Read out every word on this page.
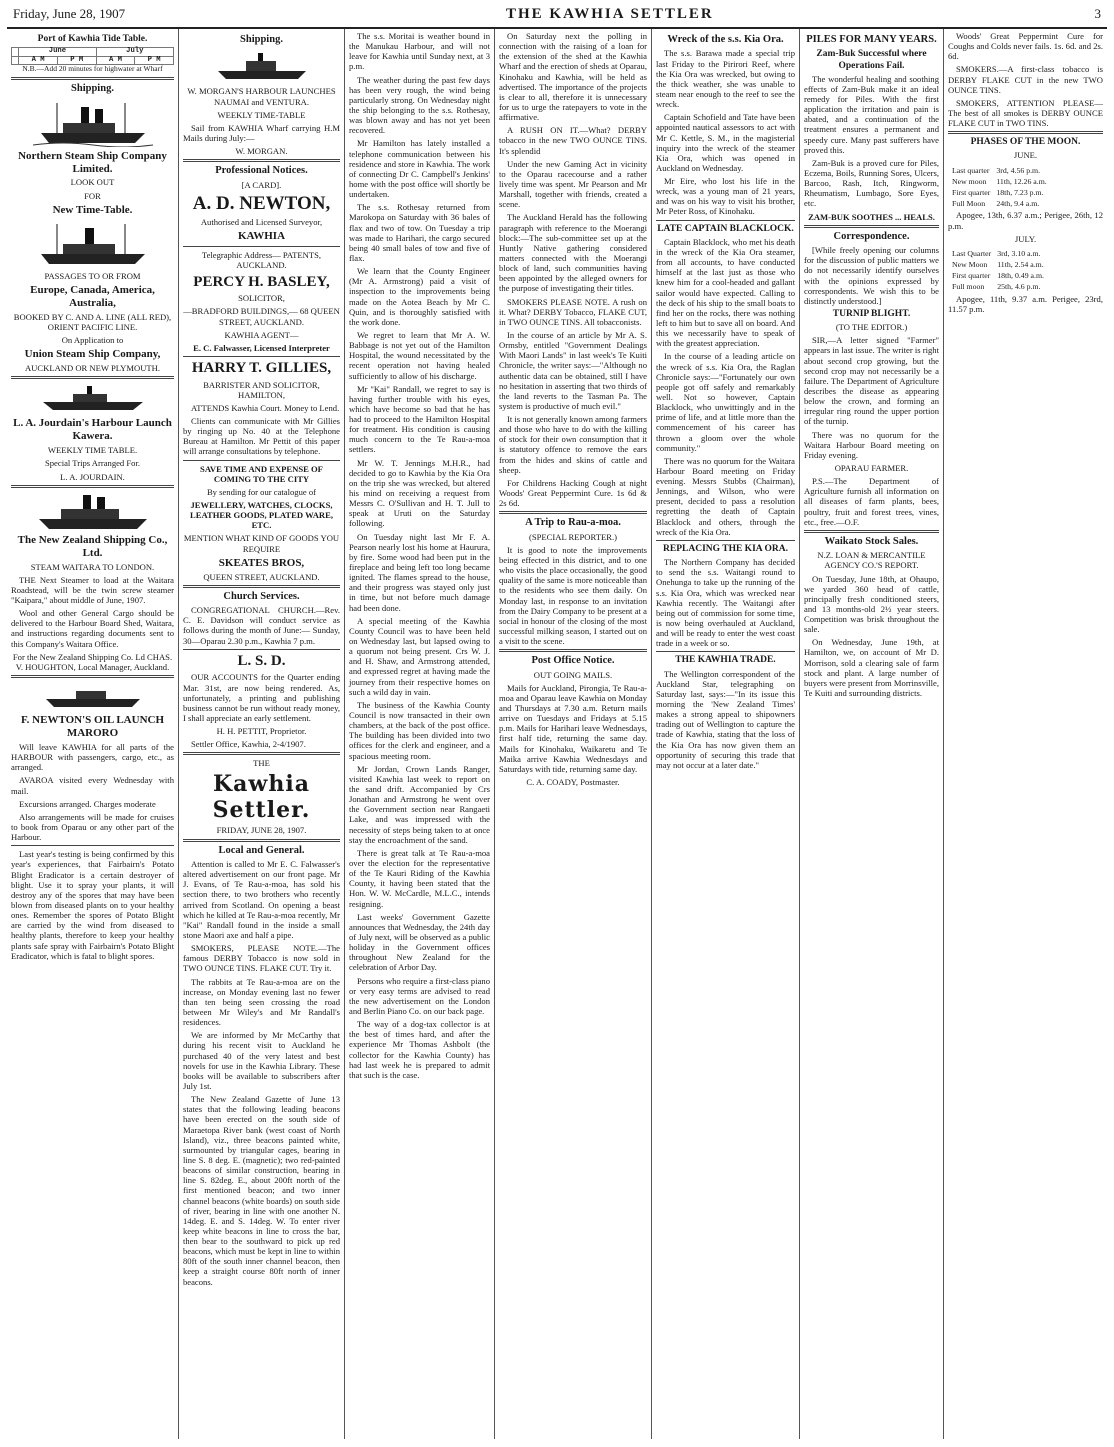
Friday, June 28, 1907	THE KAWHIA SETTLER	3
Port of Kawhia Tide Table.
	June		July	
	A M	P M	A M	P M

N.B.—Add 20 minutes for highwater at Wharf

Shipping.
Northern Steam Ship Company Limited.

LOOK OUT

FOR

New Time-Table.

PASSAGES TO OR FROM

Europe, Canada, America, Australia,

BOOKED BY C. AND A. LINE (ALL RED), ORIENT PACIFIC LINE.

On Application to

Union Steam Ship Company,

AUCKLAND OR NEW PLYMOUTH.

L. A. Jourdain's Harbour Launch Kawera.

WEEKLY TIME TABLE.

Special Trips Arranged For.

L. A. JOURDAIN.

The New Zealand Shipping Co., Ltd.

STEAM WAITARA TO LONDON.

THE Next Steamer to load at the Waitara Roadstead, will be the twin screw steamer "Kaipara," about middle of June, 1907.

Wool and other General Cargo should be delivered to the Harbour Board Shed, Waitara, and instructions regarding documents sent to this Company's Waitara Office.

For the New Zealand Shipping Co. Ld CHAS. V. HOUGHTON, Local Manager, Auckland.

F. NEWTON'S OIL LAUNCH MARORO

Will leave KAWHIA for all parts of the HARBOUR with passengers, cargo, etc., as arranged.

AVAROA visited every Wednesday with mail.

Excursions arranged. Charges moderate

Also arrangements will be made for cruises to book from Oparau or any other part of the Harbour.

Last year's testing is being confirmed by this year's experiences, that Fairbairn's Potato Blight Eradicator is a certain destroyer of blight. Use it to spray your plants, it will destroy any of the spores that may have been blown from diseased plants on to your healthy ones. Remember the spores of Potato Blight are carried by the wind from diseased to healthy plants, therefore to keep your healthy plants safe spray with Fairbairn's Potato Blight Eradicator, which is fatal to blight spores.

Shipping.

W. MORGAN'S HARBOUR LAUNCHES NAUMAI and VENTURA.

WEEKLY TIME-TABLE

Sail from KAWHIA Wharf carrying H.M Mails during July:—

W. MORGAN.

Professional Notices.

[A CARD].

A. D. NEWTON,

Authorised and Licensed Surveyor,

KAWHIA

Telegraphic Address— PATENTS, AUCKLAND.

PERCY H. BASLEY,

SOLICITOR,

—BRADFORD BUILDINGS,— 68 QUEEN STREET, AUCKLAND.

KAWHIA AGENT—

E. C. Falwasser, Licensed Interpreter

HARRY T. GILLIES,

BARRISTER AND SOLICITOR, HAMILTON,

ATTENDS Kawhia Court. Money to Lend.

Clients can communicate with Mr Gillies by ringing up No. 40 at the Telephone Bureau at Hamilton. Mr Pettit of this paper will arrange consultations by telephone.

SAVE TIME AND EXPENSE OF COMING TO THE CITY

By sending for our catalogue of

JEWELLERY, WATCHES, CLOCKS, LEATHER GOODS, PLATED WARE, ETC.

MENTION WHAT KIND OF GOODS YOU REQUIRE

SKEATES BROS,

QUEEN STREET, AUCKLAND.

Church Services.

CONGREGATIONAL CHURCH.—Rev. C. E. Davidson will conduct service as follows during the month of June:— Sunday, 30—Oparau 2.30 p.m., Kawhia 7 p.m.

L. S. D.

OUR ACCOUNTS for the Quarter ending Mar. 31st, are now being rendered. As, unfortunately, a printing and publishing business cannot be run without ready money, I shall appreciate an early settlement.

H. H. PETTIT, Proprietor.

Settler Office, Kawhia, 2-4/1907.

THE

Kawhia Settler.

FRIDAY, JUNE 28, 1907.

Local and General.

Attention is called to Mr E. C. Falwasser's altered advertisement on our front page. Mr J. Evans, of Te Rau-a-moa, has sold his section there, to two brothers who recently arrived from Scotland. On opening a beast which he killed at Te Rau-a-moa recently, Mr "Kai" Randall found in the inside a small stone Maori axe and half a pipe.

SMOKERS, PLEASE NOTE.—The famous DERBY Tobacco is now sold in TWO OUNCE TINS. FLAKE CUT. Try it.

The rabbits at Te Rau-a-moa are on the increase, on Monday evening last no fewer than ten being seen crossing the road between Mr Wiley's and Mr Randall's residences.

We are informed by Mr McCarthy that during his recent visit to Auckland he purchased 40 of the very latest and best novels for use in the Kawhia Library. These books will be available to subscribers after July 1st.

The New Zealand Gazette of June 13 states that the following leading beacons have been erected on the south side of Maraetopa River bank (west coast of North Island), viz., three beacons painted white, surmounted by triangular cages, bearing in line S. 8 deg. E. (magnetic); two red-painted beacons of similar construction, bearing in line S. 82deg. E., about 200ft north of the first mentioned beacon; and two inner channel beacons (white boards) on south side of river, bearing in line with one another N. 14deg. E. and S. 14deg. W. To enter river keep white beacons in line to cross the bar, then bear to the southward to pick up red beacons, which must be kept in line to within 80ft of the south inner channel beacon, then keep a straight course 80ft north of inner beacons.

The s.s. Moritai is weather bound in the Manukau Harbour, and will not leave for Kawhia until Sunday next, at 3 p.m.

The weather during the past few days has been very rough, the wind being particularly strong. On Wednesday night the ship belonging to the s.s. Rothesay, was blown away and has not yet been recovered.

Mr Hamilton has lately installed a telephone communication between his residence and store in Kawhia. The work of connecting Dr C. Campbell's Jenkins' home with the post office will shortly be undertaken.

The s.s. Rothesay returned from Marokopa on Saturday with 36 bales of flax and two of tow. On Tuesday a trip was made to Harihari, the cargo secured being 40 small bales of tow and five of flax.

We learn that the County Engineer (Mr A. Armstrong) paid a visit of inspection to the improvements being made on the Aotea Beach by Mr C. Quin, and is thoroughly satisfied with the work done.

We regret to learn that Mr A. W. Babbage is not yet out of the Hamilton Hospital, the wound necessitated by the recent operation not having healed sufficiently to allow of his discharge.

Mr "Kai" Randall, we regret to say is having further trouble with his eyes, which have become so bad that he has had to proceed to the Hamilton Hospital for treatment. His condition is causing much concern to the Te Rau-a-moa settlers.

Mr W. T. Jennings M.H.R., had decided to go to Kawhia by the Kia Ora on the trip she was wrecked, but altered his mind on receiving a request from Messrs C. O'Sullivan and H. T. Jull to speak at Uruti on the Saturday following.

On Tuesday night last Mr F. A. Pearson nearly lost his home at Haurura, by fire. Some wood had been put in the fireplace and being left too long became ignited. The flames spread to the house, and their progress was stayed only just in time, but not before much damage had been done.

A special meeting of the Kawhia County Council was to have been held on Wednesday last, but lapsed owing to a quorum not being present. Crs W. J. and H. Shaw, and Armstrong attended, and expressed regret at having made the journey from their respective homes on such a wild day in vain.

The business of the Kawhia County Council is now transacted in their own chambers, at the back of the post office. The building has been divided into two offices for the clerk and engineer, and a spacious meeting room.

Mr Jordan, Crown Lands Ranger, visited Kawhia last week to report on the sand drift. Accompanied by Crs Jonathan and Armstrong he went over the Government section near Rangaeti Lake, and was impressed with the necessity of steps being taken to at once stay the encroachment of the sand.

There is great talk at Te Rau-a-moa over the election for the representative of the Te Kauri Riding of the Kawhia County, it having been stated that the Hon. W. W. McCardle, M.L.C., intends resigning.

Last weeks' Government Gazette announces that Wednesday, the 24th day of July next, will be observed as a public holiday in the Government offices throughout New Zealand for the celebration of Arbor Day.

Persons who require a first-class piano or very easy terms are advised to read the new advertisement on the London and Berlin Piano Co. on our back page.

The way of a dog-tax collector is at the best of times hard, and after the experience Mr Thomas Ashbolt (the collector for the Kawhia County) has had last week he is prepared to admit that such is the case.

On Saturday next the polling in connection with the raising of a loan for the extension of the shed at the Kawhia Wharf and the erection of sheds at Oparau, Kinohaku and Kawhia, will be held as advertised. The importance of the projects is clear to all, therefore it is unnecessary for us to urge the ratepayers to vote in the affirmative.

A RUSH ON IT.—What? DERBY tobacco in the new TWO OUNCE TINS. It's splendid

Under the new Gaming Act in vicinity to the Oparau racecourse and a rather lively time was spent. Mr Pearson and Mr Marshall, together with friends, created a scene.

The Auckland Herald has the following paragraph with reference to the Moerangi block:—The sub-committee set up at the Huntly Native gathering considered matters connected with the Moerangi block of land, such communities having been appointed by the alleged owners for the purpose of investigating their titles.

SMOKERS PLEASE NOTE. A rush on it. What? DERBY Tobacco, FLAKE CUT, in TWO OUNCE TINS. All tobacconists.

In the course of an article by Mr A. S. Ormsby, entitled "Government Dealings With Maori Lands" in last week's Te Kuiti Chronicle, the writer says:—"Although no authentic data can be obtained, still I have no hesitation in asserting that two thirds of the land reverts to the Tasman Pa. The system is productive of much evil."

It is not generally known among farmers and those who have to do with the killing of stock for their own consumption that it is statutory offence to remove the ears from the hides and skins of cattle and sheep.

For Childrens Hacking Cough at night Woods' Great Peppermint Cure. 1s 6d & 2s 6d.

A Trip to Rau-a-moa.

(SPECIAL REPORTER.)

It is good to note the improvements being effected in this district, and to one who visits the place occasionally, the good quality of the same is more noticeable than to the residents who see them daily. On Monday last, in response to an invitation from the Dairy Company to be present at a social in honour of the closing of the most successful milking season, I started out on a visit to the scene.

Post Office Notice.

OUT GOING MAILS.

Mails for Auckland, Pirongia, Te Rau-a-moa and Oparau leave Kawhia on Monday and Thursdays at 7.30 a.m. Return mails arrive on Tuesdays and Fridays at 5.15 p.m. Mails for Harihari leave Wednesdays, first half tide, returning the same day. Mails for Kinohaku, Waikaretu and Te Maika arrive Kawhia Wednesdays and Saturdays with tide, returning same day.

C. A. COADY, Postmaster.

Wreck of the s.s. Kia Ora.

The s.s. Barawa made a special trip last Friday to the Pirirori Reef, where the Kia Ora was wrecked, but owing to the thick weather, she was unable to steam near enough to the reef to see the wreck.

Captain Schofield and Tate have been appointed nautical assessors to act with Mr C. Kettle, S. M., in the magisterial inquiry into the wreck of the steamer Kia Ora, which was opened in Auckland on Wednesday.

Mr Eire, who lost his life in the wreck, was a young man of 21 years, and was on his way to visit his brother, Mr Peter Ross, of Kinohaku.

LATE CAPTAIN BLACKLOCK.

Captain Blacklock, who met his death in the wreck of the Kia Ora steamer, from all accounts, to have conducted himself at the last just as those who knew him for a cool-headed and gallant sailor would have expected. Calling to the deck of his ship to the small boats to find her on the rocks, there was nothing left to him but to save all on board. And this we necessarily have to speak of with the greatest appreciation.

In the course of a leading article on the wreck of s.s. Kia Ora, the Raglan Chronicle says:—"Fortunately our own people got off safely and remarkably well. Not so however, Captain Blacklock, who unwittingly and in the prime of life, and at little more than the commencement of his career has thrown a gloom over the whole community."

There was no quorum for the Waitara Harbour Board meeting on Friday evening. Messrs Stubbs (Chairman), Jennings, and Wilson, who were present, decided to pass a resolution regretting the death of Captain Blacklock and others, through the wreck of the Kia Ora.

REPLACING THE KIA ORA.

The Northern Company has decided to send the s.s. Waitangi round to Onehunga to take up the running of the s.s. Kia Ora, which was wrecked near Kawhia recently. The Waitangi after being out of commission for some time, is now being overhauled at Auckland, and will be ready to enter the west coast trade in a week or so.

THE KAWHIA TRADE.

The Wellington correspondent of the Auckland Star, telegraphing on Saturday last, says:—"In its issue this morning the 'New Zealand Times' makes a strong appeal to shipowners trading out of Wellington to capture the trade of Kawhia, stating that the loss of the Kia Ora has now given them an opportunity of securing this trade that may not occur at a later date."

PILES FOR MANY YEARS.
Zam-Buk Successful where Operations Fail.

The wonderful healing and soothing effects of Zam-Buk make it an ideal remedy for Piles. With the first application the irritation and pain is abated, and a continuation of the treatment ensures a permanent and speedy cure. Many past sufferers have proved this.

Zam-Buk is a proved cure for Piles, Eczema, Boils, Running Sores, Ulcers, Barcoo, Rash, Itch, Ringworm, Rheumatism, Lumbago, Sore Eyes, etc.

ZAM-BUK SOOTHES ... HEALS.

Correspondence.

[While freely opening our columns for the discussion of public matters we do not necessarily identify ourselves with the opinions expressed by correspondents. We wish this to be distinctly understood.]

TURNIP BLIGHT.

(TO THE EDITOR.)

SIR,—A letter signed "Farmer" appears in last issue. The writer is right about second crop growing, but the second crop may not necessarily be a failure. The Department of Agriculture describes the disease as appearing below the crown, and forming an irregular ring round the upper portion of the turnip.

There was no quorum for the Waitara Harbour Board meeting on Friday evening.

OPARAU FARMER.

P.S.—The Department of Agriculture furnish all information on all diseases of farm plants, bees, poultry, fruit and forest trees, vines, etc., free.—O.F.

Waikato Stock Sales.

N.Z. LOAN & MERCANTILE AGENCY CO.'S REPORT.

On Tuesday, June 18th, at Ohaupo, we yarded 360 head of cattle, principally fresh conditioned steers, and 13 months-old 2½ year steers. Competition was brisk throughout the sale.

On Wednesday, June 19th, at Hamilton, we, on account of Mr D. Morrison, sold a clearing sale of farm stock and plant. A large number of buyers were present from Morrinsville, Te Kuiti and surrounding districts.

Woods' Great Peppermint Cure for Coughs and Colds never fails. 1s. 6d. and 2s. 6d.

SMOKERS.—A first-class tobacco is DERBY FLAKE CUT in the new TWO OUNCE TINS.

SMOKERS, ATTENTION PLEASE—The best of all smokes is DERBY OUNCE FLAKE CUT in TWO TINS.

PHASES OF THE MOON.

JUNE.

Last quarter	3rd, 4.56 p.m.
New moon	11th, 12.26 a.m.
First quarter	18th, 7.23 p.m.
Full Moon	24th, 9.4 a.m.

Apogee, 13th, 6.37 a.m.; Perigee, 26th, 12 p.m.

JULY.

Last Quarter	3rd, 3.10 a.m.
New Moon	11th, 2.54 a.m.
First quarter	18th, 0.49 a.m.
Full moon	25th, 4.6 p.m.

Apogee, 11th, 9.37 a.m. Perigee, 23rd, 11.57 p.m.
